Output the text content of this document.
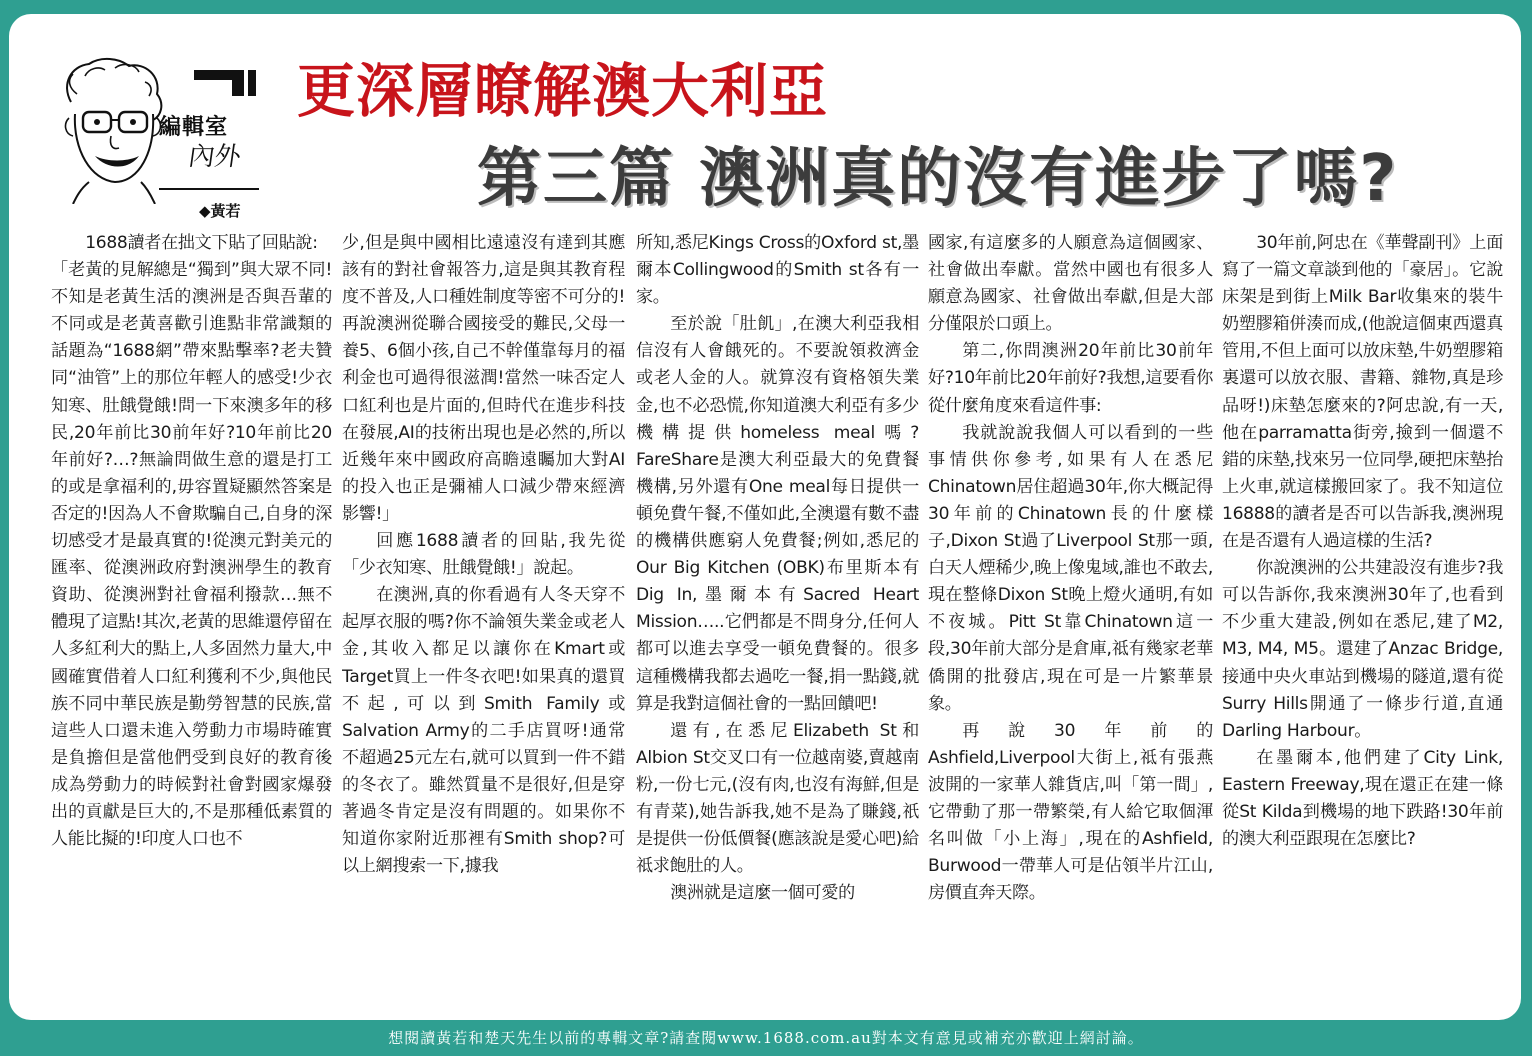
編輯室
內外
◆黃若
更深層瞭解澳大利亞
第三篇 澳洲真的沒有進步了嗎?

1688讀者在拙文下貼了回貼說:

「老黃的見解總是“獨到”與大眾不同!不知是老黃生活的澳洲是否與吾輩的不同或是老黃喜歡引進點非常識類的話題為“1688網”帶來點擊率?老夫贊同“油管”上的那位年輕人的感受!少衣知寒、肚餓覺餓!問一下來澳多年的移民,20年前比30前年好?10年前比20年前好?…?無論問做生意的還是打工的或是拿福利的,毋容置疑顯然答案是否定的!因為人不會欺騙自己,自身的深切感受才是最真實的!從澳元對美元的匯率、從澳洲政府對澳洲學生的教育資助、從澳洲對社會福利撥款…無不體現了這點!其次,老黃的思維還停留在人多紅利大的點上,人多固然力量大,中國確實借着人口紅利獲利不少,與他民族不同中華民族是勤勞智慧的民族,當這些人口還未進入勞動力市場時確實是負擔但是當他們受到良好的教育後成為勞動力的時候對社會對國家爆發出的貢獻是巨大的,不是那種低素質的人能比擬的!印度人口也不

少,但是與中國相比遠遠沒有達到其應該有的對社會報答力,這是與其教育程度不普及,人口種姓制度等密不可分的!再說澳洲從聯合國接受的難民,父母一養5、6個小孩,自己不幹僅靠每月的福利金也可過得很滋潤!當然一味否定人口紅利也是片面的,但時代在進步科技在發展,AI的技術出現也是必然的,所以近幾年來中國政府高瞻遠矚加大對AI的投入也正是彌補人口減少帶來經濟影響!」

回應1688讀者的回貼,我先從「少衣知寒、肚餓覺餓!」說起。

在澳洲,真的你看過有人冬天穿不起厚衣服的嗎?你不論領失業金或老人金,其收入都足以讓你在Kmart或Target買上一件冬衣吧!如果真的還買不起,可以到Smith Family或Salvation Army的二手店買呀!通常不超過25元左右,就可以買到一件不錯的冬衣了。雖然質量不是很好,但是穿著過冬肯定是沒有問題的。如果你不知道你家附近那裡有Smith shop?可以上網搜索一下,據我

所知,悉尼Kings Cross的Oxford st,墨爾本Collingwood的Smith st各有一家。

至於說「肚飢」,在澳大利亞我相信沒有人會餓死的。不要說領救濟金或老人金的人。就算沒有資格領失業金,也不必恐慌,你知道澳大利亞有多少機構提供homeless meal嗎?FareShare是澳大利亞最大的免費餐機構,另外還有One meal每日提供一頓免費午餐,不僅如此,全澳還有數不盡的機構供應窮人免費餐;例如,悉尼的Our Big Kitchen (OBK)布里斯本有Dig In,墨爾本有Sacred Heart Mission…..它們都是不問身分,任何人都可以進去享受一頓免費餐的。很多這種機構我都去過吃一餐,捐一點錢,就算是我對這個社會的一點回饋吧!

還有,在悉尼Elizabeth St和Albion St交叉口有一位越南婆,賣越南粉,一份七元,(沒有肉,也沒有海鮮,但是有青菜),她告訴我,她不是為了賺錢,祇是提供一份低價餐(應該說是愛心吧)給祗求飽肚的人。

澳洲就是這麼一個可愛的

國家,有這麼多的人願意為這個國家、社會做出奉獻。當然中國也有很多人願意為國家、社會做出奉獻,但是大部分僅限於口頭上。

第二,你問澳洲20年前比30前年好?10年前比20年前好?我想,這要看你從什麼角度來看這件事:

我就說說我個人可以看到的一些事情供你參考,如果有人在悉尼Chinatown居住超過30年,你大概記得30年前的Chinatown長的什麼樣子,Dixon St過了Liverpool St那一頭,白天人煙稀少,晚上像鬼域,誰也不敢去,現在整條Dixon St晚上燈火通明,有如不夜城。Pitt St靠Chinatown這一段,30年前大部分是倉庫,祗有幾家老華僑開的批發店,現在可是一片繁華景象。

再說30年前的Ashfield,Liverpool大街上,祗有張燕波開的一家華人雜貨店,叫「第一間」,它帶動了那一帶繁榮,有人給它取個渾名叫做「小上海」,現在的Ashfield, Burwood一帶華人可是佔領半片江山,房價直奔天際。

30年前,阿忠在《華聲副刊》上面寫了一篇文章談到他的「豪居」。它說床架是到街上Milk Bar收集來的裝牛奶塑膠箱併湊而成,(他說這個東西還真管用,不但上面可以放床墊,牛奶塑膠箱裏還可以放衣服、書籍、雜物,真是珍品呀!)床墊怎麼來的?阿忠說,有一天,他在parramatta街旁,撿到一個還不錯的床墊,找來另一位同學,硬把床墊抬上火車,就這樣搬回家了。我不知這位16888的讀者是否可以告訴我,澳洲現在是否還有人過這樣的生活?

你說澳洲的公共建設沒有進步?我可以告訴你,我來澳洲30年了,也看到不少重大建設,例如在悉尼,建了M2, M3, M4, M5。還建了Anzac Bridge,接通中央火車站到機場的隧道,還有從Surry Hills開通了一條步行道,直通Darling Harbour。

在墨爾本,他們建了City Link, Eastern Freeway,現在還正在建一條從St Kilda到機場的地下跌路!30年前的澳大利亞跟現在怎麼比?

想閱讀黃若和楚天先生以前的專輯文章?請查閱www.1688.com.au對本文有意見或補充亦歡迎上網討論。
